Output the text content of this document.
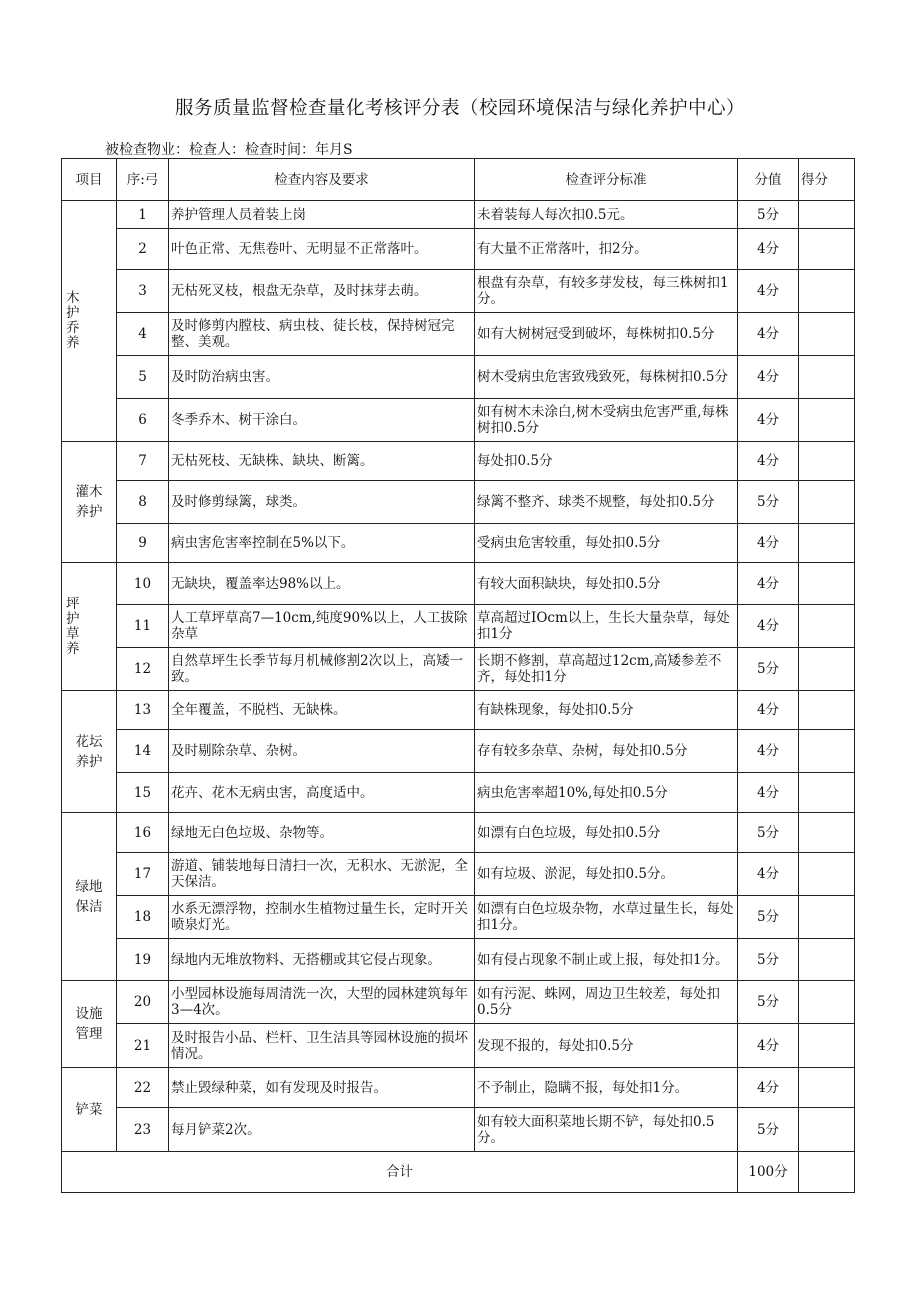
服务质量监督检查量化考核评分表（校园环境保洁与绿化养护中心）
被检查物业：检查人：检查时间：年月S
项目	序:弓	检查内容及要求	检查评分标准	分值	得分
木护乔养	1	养护管理人员着装上岗	未着装每人每次扣0.5元。	5分	
	2	叶色正常、无焦卷叶、无明显不正常落叶。	有大量不正常落叶，扣2分。	4分	
	3	无枯死叉枝，根盘无杂草，及时抹芽去萌。	根盘有杂草，有较多芽发枝，每三株树扣1分。	4分	
	4	及时修剪内膛枝、病虫枝、徒长枝，保持树冠完整、美观。	如有大树树冠受到破坏，每株树扣0.5分	4分	
	5	及时防治病虫害。	树木受病虫危害致残致死，每株树扣0.5分	4分	
	6	冬季乔木、树干涂白。	如有树木未涂白,树木受病虫危害严重,每株树扣0.5分	4分	
灌木养护	7	无枯死枝、无缺株、缺块、断篱。	每处扣0.5分	4分	
	8	及时修剪绿篱，球类。	绿篱不整齐、球类不规整，每处扣0.5分	5分	
	9	病虫害危害率控制在5%以下。	受病虫危害较重，每处扣0.5分	4分	
坪护草养	10	无缺块，覆盖率达98%以上。	有较大面积缺块，每处扣0.5分	4分	
	11	人工草坪草高7—10cm,纯度90%以上，人工拔除杂草	草高超过IOcm以上，生长大量杂草，每处扣1分	4分	
	12	自然草坪生长季节每月机械修割2次以上，高矮一致。	长期不修割，草高超过12cm,高矮参差不齐，每处扣1分	5分	
花坛养护	13	全年覆盖，不脱档、无缺株。	有缺株现象，每处扣0.5分	4分	
	14	及时剔除杂草、杂树。	存有较多杂草、杂树，每处扣0.5分	4分	
	15	花卉、花木无病虫害，高度适中。	病虫危害率超10%,每处扣0.5分	4分	
绿地保洁	16	绿地无白色垃圾、杂物等。	如漂有白色垃圾，每处扣0.5分	5分	
	17	游道、铺装地每日清扫一次，无积水、无淤泥，全天保洁。	如有垃圾、淤泥，每处扣0.5分。	4分	
	18	水系无漂浮物，控制水生植物过量生长，定时开关喷泉灯光。	如漂有白色垃圾杂物，水草过量生长，每处扣1分。	5分	
	19	绿地内无堆放物料、无搭棚或其它侵占现象。	如有侵占现象不制止或上报，每处扣1分。	5分	
设施管理	20	小型园林设施每周清洗一次，大型的园林建筑每年3—4次。	如有污泥、蛛网，周边卫生较差，每处扣0.5分	5分	
	21	及时报告小品、栏杆、卫生洁具等园林设施的损坏情况。	发现不报的，每处扣0.5分	4分	
铲菜	22	禁止毁绿种菜，如有发现及时报告。	不予制止，隐瞒不报，每处扣1分。	4分	
	23	每月铲菜2次。	如有较大面积菜地长期不铲，每处扣0.5分。	5分	
合计				100分	
